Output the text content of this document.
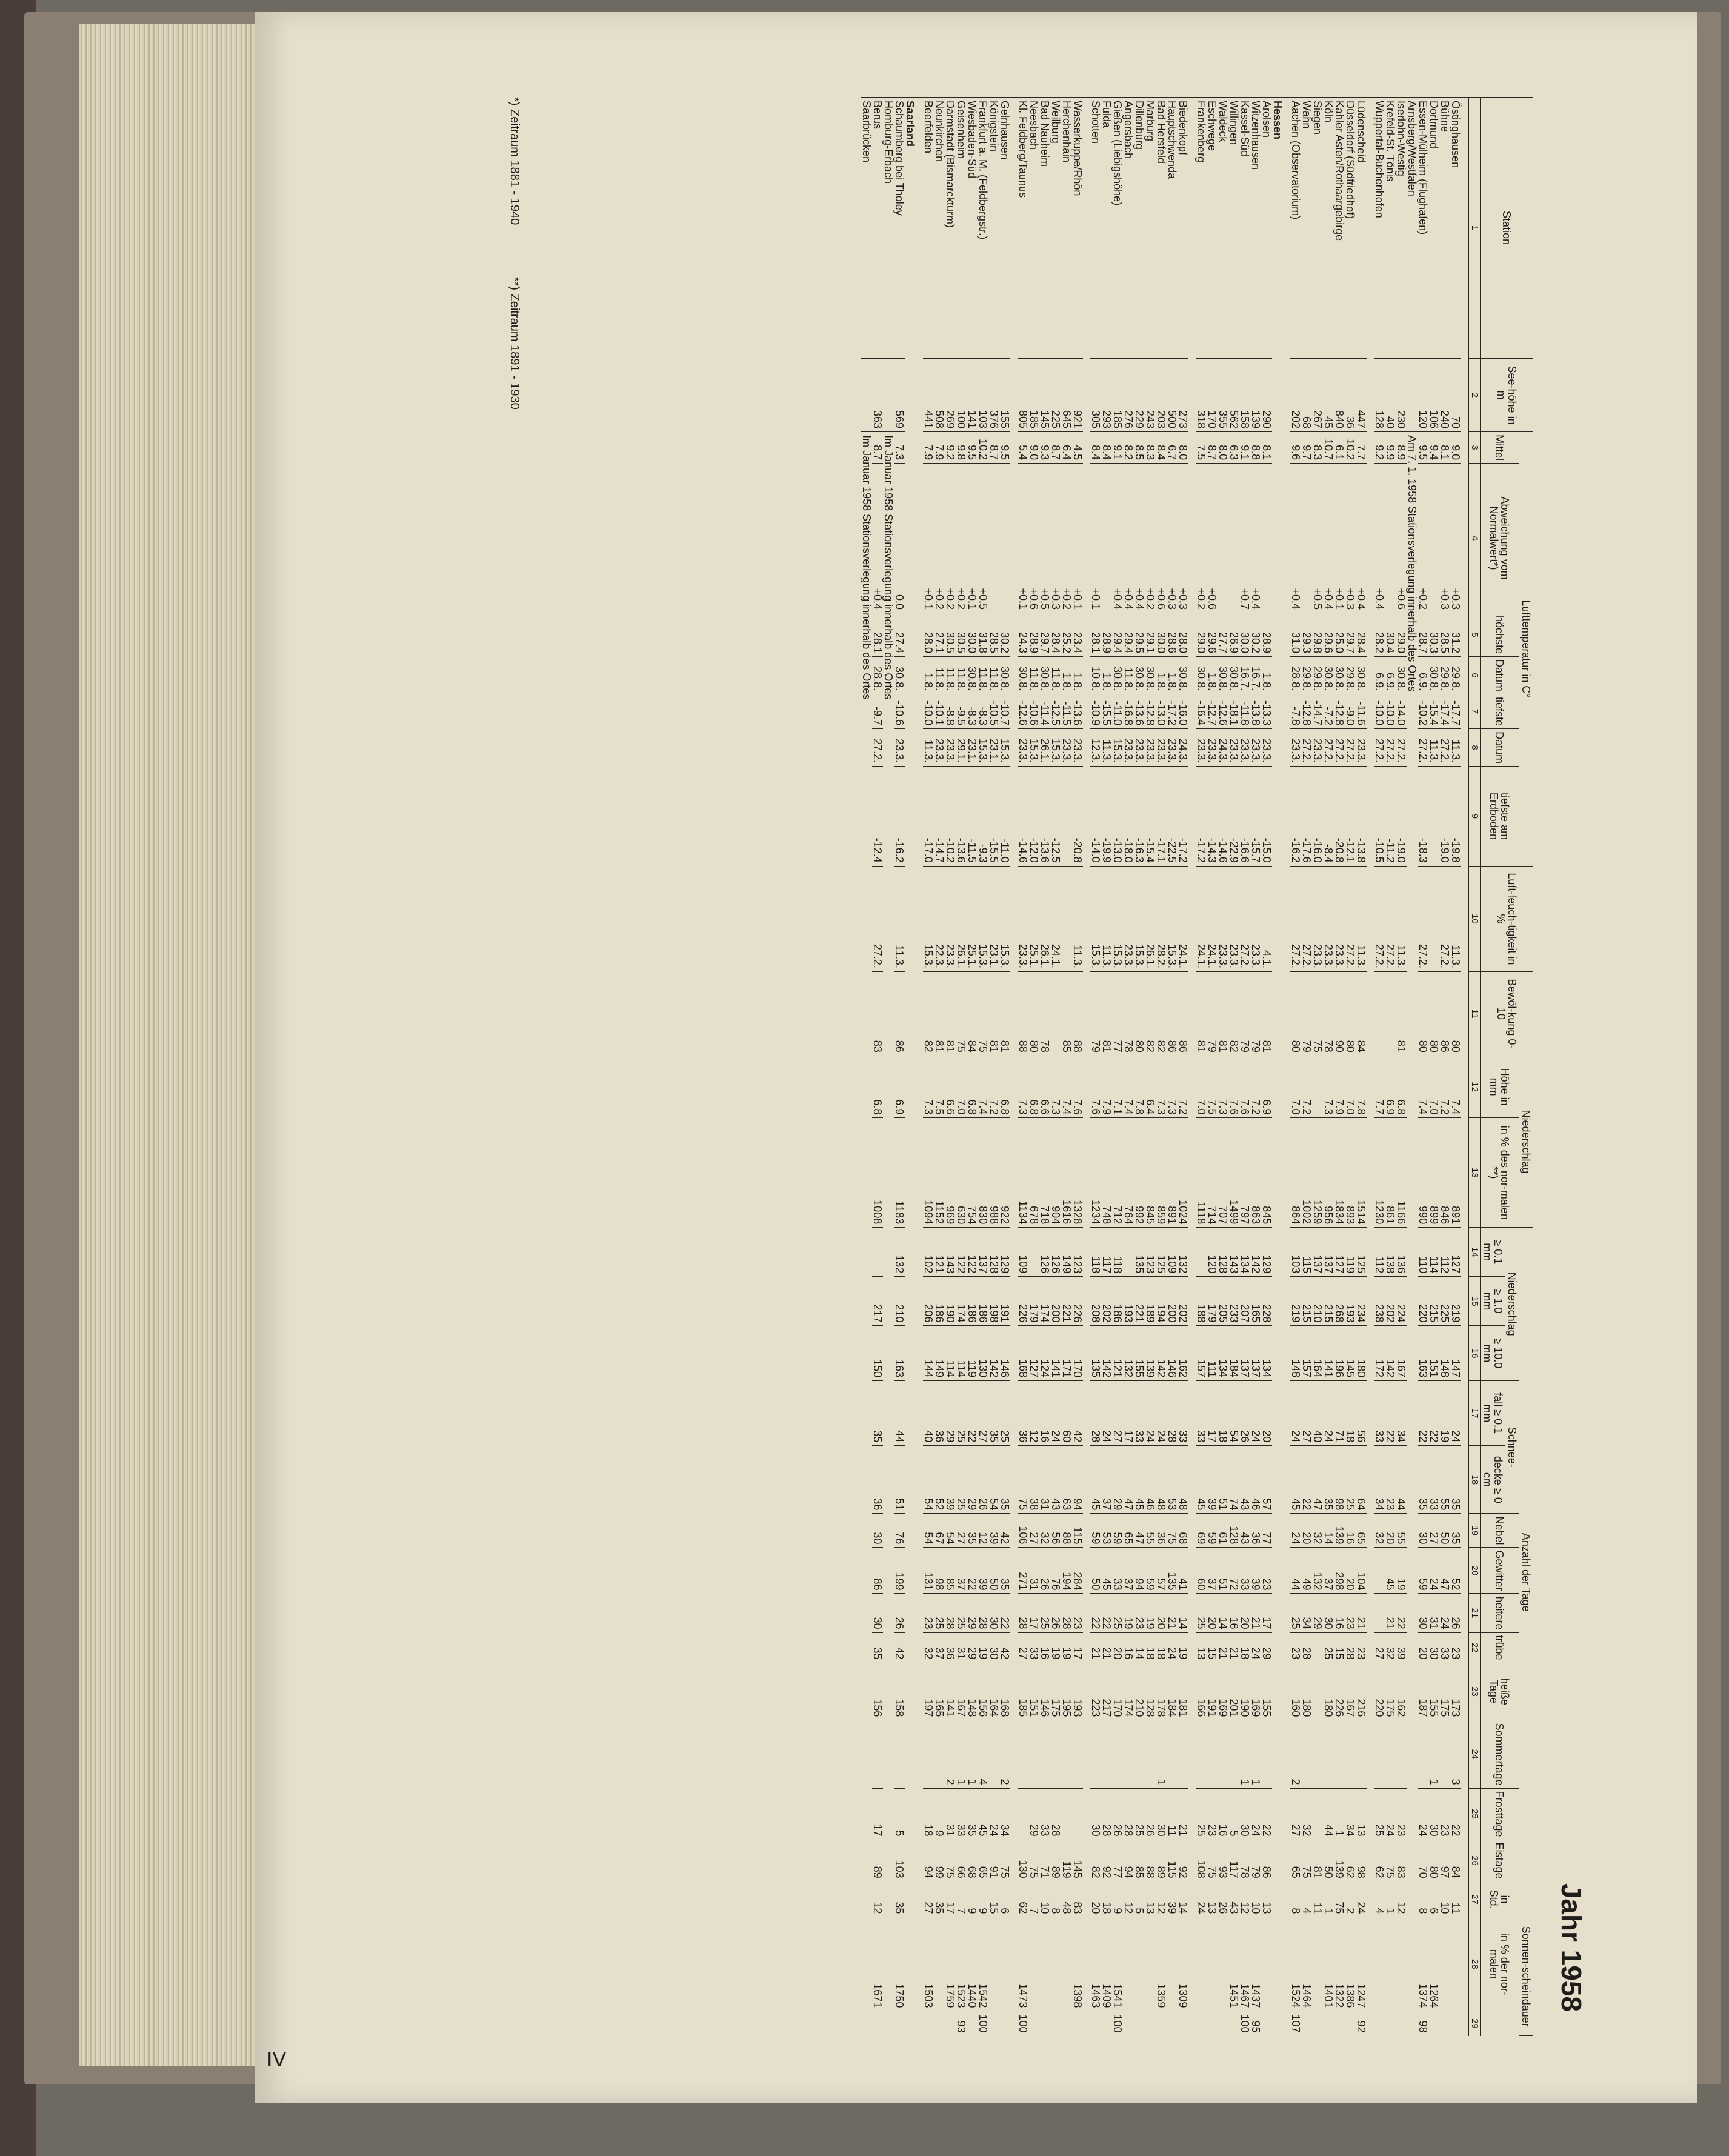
Jahr 1958
Station	See-höhe in m	Lufttemperatur in C°							Luft-feuch-tigkeit in %	Bewöl-kung 0-10	Niederschlag		Anzahl der Tage														Sonnen-scheindauer	
		Mittel	Abweichung vom Normalwert*)	höchste	Datum	tiefste	Datum	tiefste am Erdboden			Höhe in mm	in % des nor-malen **)	Niederschlag			Schnee-		Nebel	Gewitter	heitere	trübe	heiße Tage	Sommertage	Frosttage	Eistage	in Std.	in % der nor-malen	
													≥ 0.1 mm	≥ 1.0 mm	≥ 10.0 mm	fall ≥ 0.1 mm	decke ≥ 0 cm											
1	2	3	4	5	6	7	8	9	10	11	12	13	14	15	16	17	18	19	20	21	22	23	24	25	26	27	28	29

Östinghausen	70	9.0	+0.3	31.2	29.8.	-17.7	11.3.	-19.8	11.3.	80	7.4	891	127	219	147	24	35	35	52	26	23	173	3	22	84	11		
Bühne	240	8.1	+0.3	28.5	29.8.	-17.4	27.2.	-19.0	27.2.	86	7.2	846	112	225	148	19	55	50	47	24	33	175		23	97	10		
Dortmund	106	9.4		30.3	30.8.	-15.4	11.3.			80	7.0	899	114	215	151	22	33	27	24	31	30	155	1	30	80	6	1264	
Essen-Mülheim (Flughafen)	120	9.5	+0.2	28.7	6.9.	-10.2	27.2.	-18.3	27.2.	80	7.4	990	110	220	163	22	35	30	59	30	20	187		24	70	8	1374	98
Arnsberg/Westfalen		Am 7. 1. 1958 Stationsverlegung innerhalb des Ortes																										
Iserlohn-Westig	230	8.9	+0.6	29.0	30.8.	-14.0	27.2.	-19.0	11.3.	81	6.8	1166	136	224	167	34	44	55	19	22	39	162		23	83	12		
Krefeld-St. Tönis	40	9.9		30.4	6.9.	-10.0	27.2.	-11.2	27.2.		6.9	861	138	202	142	22	23	20	45	21	32	175		24	75	1		
Wuppertal-Buchenhofen	128	9.2	+0.4	28.2	6.9.	-10.0	27.2.	-10.5	27.2.		7.7	1230	112	238	172	33	34	32			27	220		25	62	4		

Lüdenscheid	447	7.7	+0.4	28.4	30.8.	-11.6	23.3.	-13.8	11.3.	84	7.8	1514	125	234	180	56	64	65	104	21	23	216		13	98	24	1247	92
Düsseldorf (Südfriedhof)	36	10.2	+0.3	29.7	29.8.	-9.0	27.2.	-12.1	27.2.	80	7.0	893	119	193	145	18	25	16	20	23	28	167		34	62	2	1386	
Kahler Asten/Rothaargebirge	840	6.1	+0.1	25.0	30.8.	-12.8	27.2.	-20.8	23.3.	90	7.9	1834	127	268	196	71	98	139	298	16	15	226		1	139	75	1322	
Köln	45	10.7	+0.4	29.6	30.8.	-7.2	27.2.	-8.4	23.3.	78	7.3	956	137	215	141	24	35	14	37	30	25	180		44	50	1	1401	
Siegen	267	8.3	+0.5	29.8	29.8.	-14.7	23.3.	-16.0	23.3.	75		1259	137	210	164	40	47	32	132	29					81	11		
Wahn	68	9.7		29.3	29.8.	-12.8	27.2.	-17.6	27.2.	79	7.2	1002	115	215	157	27	22	20	49	34	28	180		32	75	4	1464	
Aachen (Observatorium)	202	9.6	+0.4	31.0	28.8.	-7.8	23.3.	-16.2	27.2.	80	7.0	864	103	219	148	24	45	24	44	25	23	160	2	27	65	8	1524	107

Hessen																												
Arolsen	290	8.1		28.9	1.8.	-13.3	23.3.	-15.0	4.1.	81	6.9	845	129	228	134	20	57	77	23	17	29	155		22	86	13		
Witzenhausen	139	8.8	+0.4	30.2	16.7.	-13.8	23.3.	-15.7	23.3.	79	7.2	863	142	165	137	24	46	36	39	21	24	169	1	24	79	10	1437	95
Kassel-Süd	158	9.1	+0.7	30.0	16.7.	-11.8	23.3.	-16.6	27.2.	79	7.6	797	134	207	137	26	43	43	33	20	18	190	1	30	78	12	1467	100
Willingen	562	6.3		26.9	30.8.	-18.1	23.3.	-22.9	23.3.	82	7.6	1499	143	233	184	54	74	128	72	16	21	201		5	117	43	1451	
Waldeck	355	8.0		27.7	30.8.	-12.6	24.3.	-14.6	23.3.	81	7.3	707	128	205	134	18	51	61	51	14	21	169		16	93	26		
Eschwege	170	8.7	+0.6	29.6	1.8.	-12.7	23.3.	-14.3	24.1.	79	7.5	714	120	179	111	17	39	59	37	20	15	191		23	75	13		
Frankenberg	318	7.5	+0.2	29.0	30.8.	-16.4	23.3.	-17.2	24.1.	81	7.0	1118		188	157	33	45	69	60	25	13	166		25	108	24		

Biedenkopf	273	8.0	+0.3	28.0	30.8.	-16.0	24.3.	-17.2	24.1.	86	7.2	1024	132	202	162	33	48	68	41	14	19	181		21	92	14	1309	
Hauptschwenda	500	6.7	+0.3	28.6	1.8.	-17.2	23.3.	-22.5	15.3.	86	7.3	891	109	200	146	28	53	75	135	21	24	184		11	115	39		
Bad Hersfeld	203	8.4	+0.6	30.0	1.8.	-13.0	23.3.	-17.1	28.2.	82	7.3	859	125	194	142	24	48	36	57	20	18	178	1	30	89	12	1359	
Marburg	243	8.3	+0.2	29.1	30.8.	-12.8	23.3.	-15.4	26.1.	82	6.4	845	123	189	139	24	46	55	59	19	18	128		26	88	13		
Dillenburg	229	8.5	+0.4	29.5	30.8.	-13.6	23.3.	-16.3	15.3.	80	7.8	992	135	221	155	33	45	47	94	23	14	210		25	85	5		
Angersbach	276	8.2	+0.4	29.4	11.8.	-16.8	23.3.	-18.0	23.3.	78	7.4	764		193	132	17	47	65	37	19	16	174		28	94	12		
Gießen (Liebigshöhe)	185	9.1	+0.4	29.4	30.8.	-11.0	15.3.	-13.0	15.3.	77	7.1	712	118	186	121	27	29	59	33	25	20	170		26	77	9	1541	100
Fulda	293	8.4		28.9	1.8.	-15.5	11.3.	-19.9	11.3.	81	7.9	748	117	202	142	24	37	53	45	22	21	217		28	92	18	1409	
Schotten	305	8.4	+0.1	28.1	10.8.	-10.9	12.3.	-14.0	15.3.	79	7.6	1234	118	208	135	28	45	59	50	22	21	223		30	82	20	1463	

Wasserkuppe/Rhön	921	4.5	+0.1	23.4	1.8.	-13.6	23.3.	-20.8	11.3.	88	7.6	1328	123	226	170	42	94	115	284	23	17	193			145	83	1398	
Herchenhain	645	6.4	+0.2	25.2	1.8.	-11.5	23.3.			85	7.4	1616	149	221	171	60	63	88	194	28	19	195			119	48		
Weilburg	225	8.7	+0.3	28.4	11.8.	-12.5	15.3.	-12.5	24.1.		7.3	904	126	200	141	24	43	56	76	26	19	175		28	89	8		
Bad Nauheim	145	9.3	+0.5	29.7	30.8.	-11.4	26.1.	-13.6	26.1.	78	6.6	718	126	174	124	16	31	32	26	25	16	146		33	71	10		
Neesbach	185	9.0	+0.6	28.9	11.8.	-10.6	15.3.	-12.0	25.1.	80	6.8	678		179	127	12	38	27	31	17	33	151		29	75	7		
Kl. Feldberg/Taunus	805	5.4	+0.1	24.3	30.8.	-12.6	23.3.	-14.6	23.3.	88	7.3	1134	109	226	168	36	75	106	271	28	27	185			130	62	1473	100

Gelnhausen	155	9.5		30.2	30.8.	-10.7	15.3.	-11.0	15.3.	81	6.8	922	129	191	146	25	35	42	35	22	42	168	2	34	75	6		
Königstein	376	8.7		28.5	11.8.	-10.5	23.1.	-15.5	23.1.	81	7.2	988	128	198	142	35	54	39	50	30	30	164		24	91	15		
Frankfurt a. M. (Feldbergstr.)	103	10.2	+0.5	31.8	11.8.	-8.3	15.3.	-9.3	15.3.	75	7.4	830	137	186	130	27	26	12	39	28	19	156	4	45	65	9	1542	100
Wiesbaden-Süd	141	9.5	+0.1	30.0	30.8.	-8.3	23.1.	-11.5	25.1.	84	6.8	754	122	186	119	22	29	35	22	29	29	148	1	35	68	9	1440	
Geisenheim	100	9.8	+0.2	30.5	11.8.	-9.5	29.1.	-13.6	26.1.	75	7.0	630	122	174	114	25	25	27	37	25	31	167	1	33	66	7	1523	93
Darmstadt (Bismarckturm)	269	9.2	+0.2	30.5	11.8.	-8.8	23.3.	-10.2	23.3.	81	6.6	969	143	190	114	29	39	54	85	28	36	141	2	31	75	17	1759	
Neunkirchen	508	7.9	+0.2	27.1	11.8.	-10.1	23.3.	-14.7	22.3.	81	7.5	1152	121	186	149	36	52	67	98	25	37	165		9	99	35		
Beerfelden	441	7.9	+0.1	28.0	1.8.	-10.0	11.3.	-17.0	15.3.	82	7.3	1094	102	206	144	40	54	54	131	23	32	197		18	94	27	1503	

Saarland																												
Schaumberg bei Tholey	569	7.3	0.0	27.4	30.8.	-10.6	23.3.	-16.2	11.3.	86	6.9	1183	132	210	163	44	51	76	199	26	42	158		5	103	35	1750	
Homburg-Erbach		Im Januar 1958 Stationsverlegung innerhalb des Ortes																										
Berus	363	8.7	+0.4	28.1	28.8.	-9.7	27.2.	-12.4	27.2.	83	6.8	1008		217	150	35	36	30	86	30	35	156		17	89	12	1671	
Saarbrücken		Im Januar 1958 Stationsverlegung innerhalb des Ortes																										
*) Zeitraum 1881 - 1940 **) Zeitraum 1891 - 1930
IV
